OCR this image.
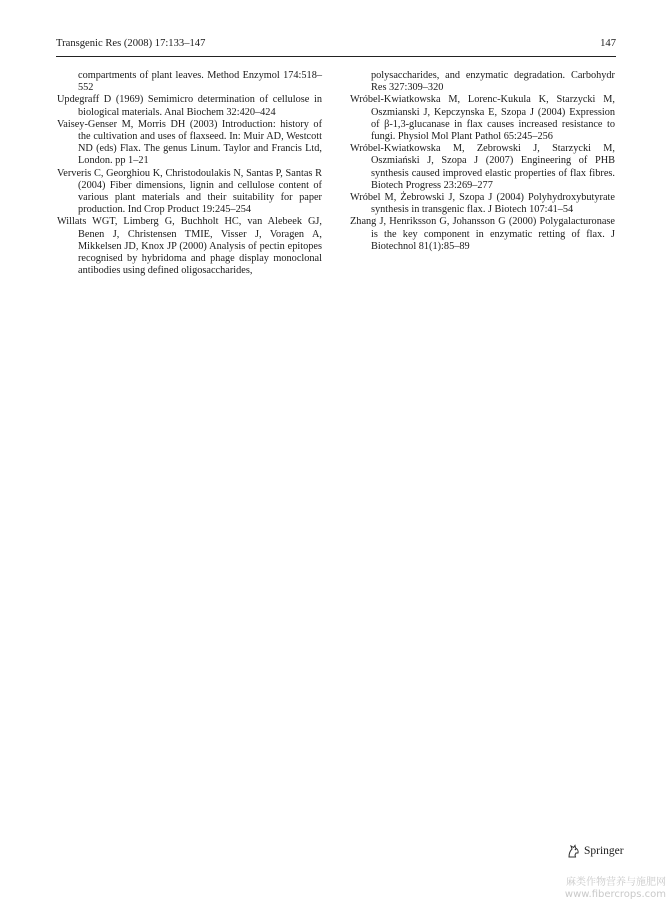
Transgenic Res (2008) 17:133–147	147

compartments of plant leaves. Method Enzymol 174:518–552

Updegraff D (1969) Semimicro determination of cellulose in biological materials. Anal Biochem 32:420–424

Vaisey-Genser M, Morris DH (2003) Introduction: history of the cultivation and uses of flaxseed. In: Muir AD, Westcott ND (eds) Flax. The genus Linum. Taylor and Francis Ltd, London. pp 1–21

Ververis C, Georghiou K, Christodoulakis N, Santas P, Santas R (2004) Fiber dimensions, lignin and cellulose content of various plant materials and their suitability for paper production. Ind Crop Product 19:245–254

Willats WGT, Limberg G, Buchholt HC, van Alebeek GJ, Benen J, Christensen TMIE, Visser J, Voragen A, Mikkelsen JD, Knox JP (2000) Analysis of pectin epitopes recognised by hybridoma and phage display monoclonal antibodies using defined oligosaccharides,

polysaccharides, and enzymatic degradation. Carbohydr Res 327:309–320

Wróbel-Kwiatkowska M, Lorenc-Kukula K, Starzycki M, Oszmianski J, Kepczynska E, Szopa J (2004) Expression of β-1,3-glucanase in flax causes increased resistance to fungi. Physiol Mol Plant Pathol 65:245–256

Wróbel-Kwiatkowska M, Zebrowski J, Starzycki M, Oszmiański J, Szopa J (2007) Engineering of PHB synthesis caused improved elastic properties of flax fibres. Biotech Progress 23:269–277

Wróbel M, Żebrowski J, Szopa J (2004) Polyhydroxybutyrate synthesis in transgenic flax. J Biotech 107:41–54

Zhang J, Henriksson G, Johansson G (2000) Polygalacturonase is the key component in enzymatic retting of flax. J Biotechnol 81(1):85–89

Springer
麻类作物营养与施肥网
www.fibercrops.com
